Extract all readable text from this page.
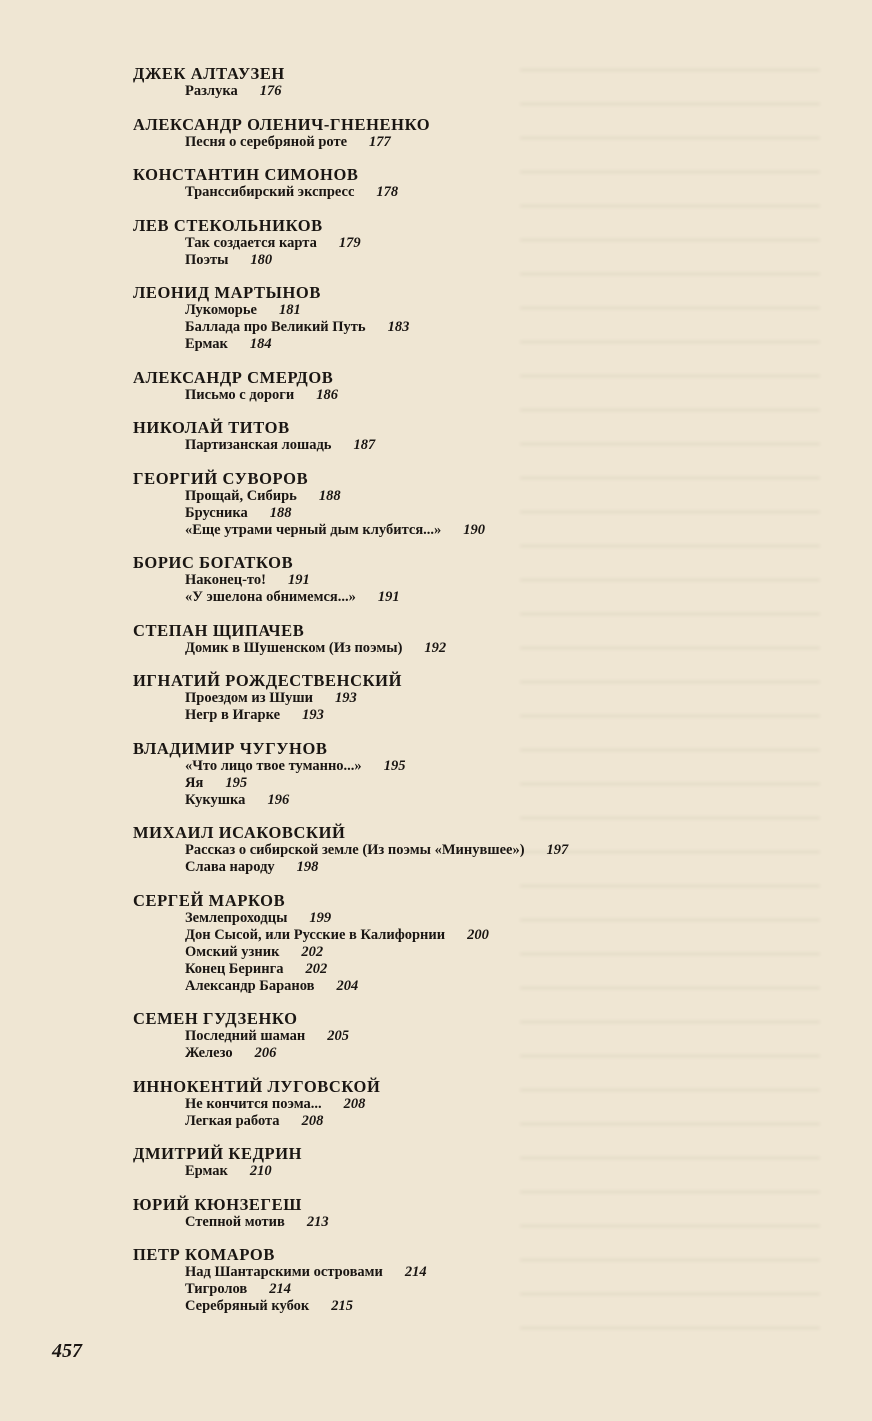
ДЖЕК АЛТАУЗЕН
Разлука 176
АЛЕКСАНДР ОЛЕНИЧ-ГНЕНЕНКО
Песня о серебряной роте 177
КОНСТАНТИН СИМОНОВ
Транссибирский экспресс 178
ЛЕВ СТЕКОЛЬНИКОВ
Так создается карта 179
Поэты 180
ЛЕОНИД МАРТЫНОВ
Лукоморье 181
Баллада про Великий Путь 183
Ермак 184
АЛЕКСАНДР СМЕРДОВ
Письмо с дороги 186
НИКОЛАЙ ТИТОВ
Партизанская лошадь 187
ГЕОРГИЙ СУВОРОВ
Прощай, Сибирь 188
Брусника 188
«Еще утрами черный дым клубится...» 190
БОРИС БОГАТКОВ
Наконец-то! 191
«У эшелона обнимемся...» 191
СТЕПАН ЩИПАЧЕВ
Домик в Шушенском (Из поэмы) 192
ИГНАТИЙ РОЖДЕСТВЕНСКИЙ
Проездом из Шуши 193
Негр в Игарке 193
ВЛАДИМИР ЧУГУНОВ
«Что лицо твое туманно...» 195
Яя 195
Кукушка 196
МИХАИЛ ИСАКОВСКИЙ
Рассказ о сибирской земле (Из поэмы «Минувшее») 197
Слава народу 198
СЕРГЕЙ МАРКОВ
Землепроходцы 199
Дон Сысой, или Русские в Калифорнии 200
Омский узник 202
Конец Беринга 202
Александр Баранов 204
СЕМЕН ГУДЗЕНКО
Последний шаман 205
Железо 206
ИННОКЕНТИЙ ЛУГОВСКОЙ
Не кончится поэма... 208
Легкая работа 208
ДМИТРИЙ КЕДРИН
Ермак 210
ЮРИЙ КЮНЗЕГЕШ
Степной мотив 213
ПЕТР КОМАРОВ
Над Шантарскими островами 214
Тигролов 214
Серебряный кубок 215
457
